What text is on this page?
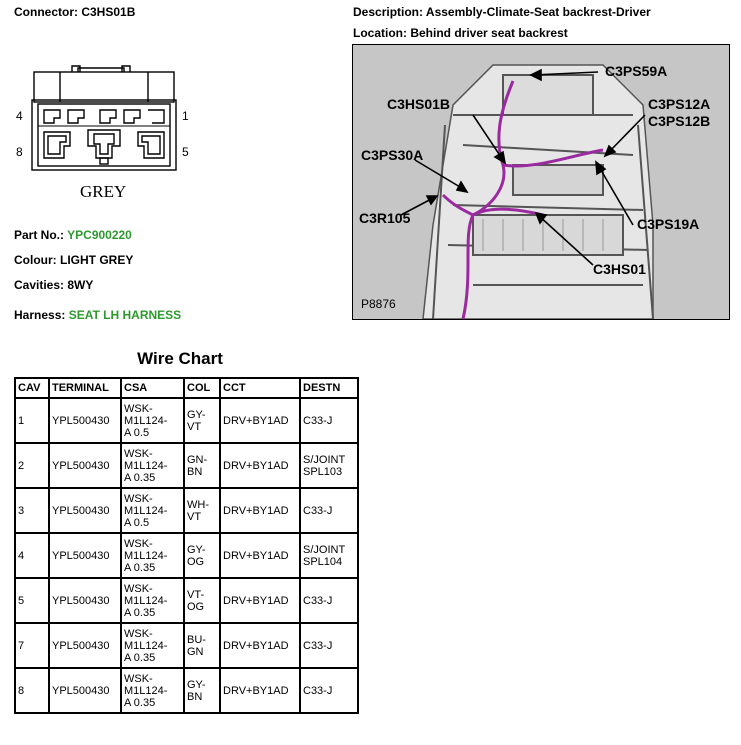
Connector: C3HS01B	Description: Assembly-Climate-Seat backrest-Driver
Location: Behind driver seat backrest
4	1
8	5
GREY
Part No.: YPC900220
Colour: LIGHT GREY
Cavities: 8WY
Harness: SEAT LH HARNESS
C3PS59A
C3HS01B	C3PS12A
C3PS12B
C3PS30A
C3R105	C3PS19A
C3HS01
P8876
Wire Chart
CAV	TERMINAL	CSA	COL	CCT	DESTN
1	YPL500430	WSK-
M1L124-
A 0.5	GY-
VT	DRV+BY1AD	C33-J
2	YPL500430	WSK-
M1L124-
A 0.35	GN-
BN	DRV+BY1AD	S/JOINT
SPL103
3	YPL500430	WSK-
M1L124-
A 0.5	WH-
VT	DRV+BY1AD	C33-J
4	YPL500430	WSK-
M1L124-
A 0.35	GY-
OG	DRV+BY1AD	S/JOINT
SPL104
5	YPL500430	WSK-
M1L124-
A 0.35	VT-
OG	DRV+BY1AD	C33-J
7	YPL500430	WSK-
M1L124-
A 0.35	BU-
GN	DRV+BY1AD	C33-J
8	YPL500430	WSK-
M1L124-
A 0.35	GY-
BN	DRV+BY1AD	C33-J
